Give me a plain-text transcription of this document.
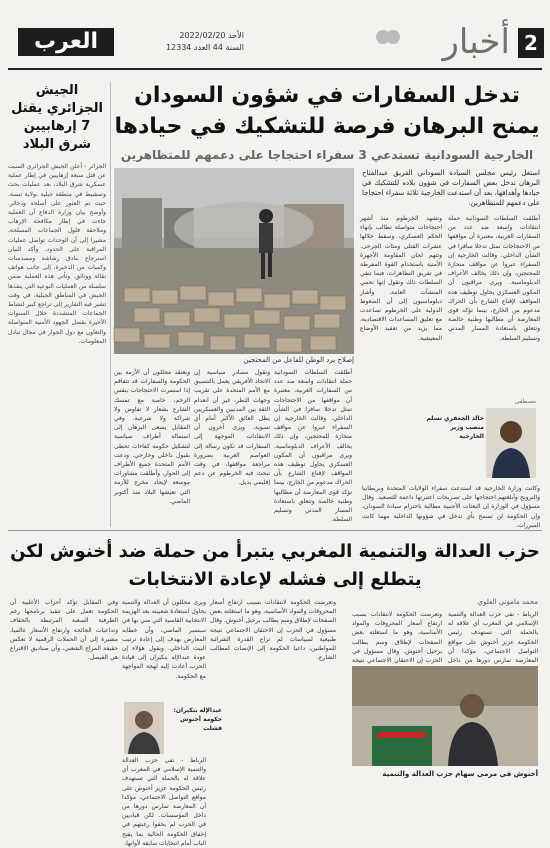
2
أخبار
الأحد 2022/02/20
السنة 44 العدد 12334
العرب
الجيش الجزائري يقتل 7 إرهابيين شرق البلاد
الجزائر - أعلن الجيش الجزائري السبت عن قتل سبعة إرهابيين في إطار عملية عسكرية شرق البلاد، بعد عمليات بحث وتمشيط في منطقة جبلية بولاية تبسة، حيث تم العثور على أسلحة وذخائر. وأوضح بيان وزارة الدفاع أن العملية جاءت في إطار مكافحة الإرهاب وملاحقة فلول الجماعات المسلحة، مشيرا إلى أن الوحدات تواصل عمليات المراقبة على الحدود. وأكد البيان استرجاع بنادق رشاشة ومسدسات وكميات من الذخيرة، إلى جانب هواتف نقالة ووثائق. وتأتي هذه العملية ضمن سلسلة من العمليات النوعية التي ينفذها الجيش في المناطق الجبلية، في وقت تشير فيه التقارير إلى تراجع كبير لنشاط الجماعات المتشددة خلال السنوات الأخيرة بفضل الجهود الأمنية المتواصلة والتعاون مع دول الجوار في مجال تبادل المعلومات.
تدخل السفارات في شؤون السودان يمنح البرهان فرصة للتشكيك في حيادها
الخارجية السودانية تستدعي 3 سفراء احتجاجا على دعمهم للمتظاهرين
استغل رئيس مجلس السيادة السوداني الفريق عبدالفتاح البرهان تدخل بعض السفارات في شؤون بلاده للتشكيك في حيادها وأهدافها، بعد أن استدعت الخارجية ثلاثة سفراء احتجاجا على دعمهم للمتظاهرين.
إصلاح يرد الوطن للفاعل من المحتجين
أطلقت السلطات السودانية حملة انتقادات واسعة ضد عدد من السفارات الغربية، معتبرة أن مواقفها من الاحتجاجات تمثل تدخلا سافرا في الشأن الداخلي. وقالت الخارجية إن السفراء عبروا عن مواقف منحازة للمحتجين، وإن ذلك يخالف الأعراف الدبلوماسية. ويرى مراقبون أن المكون العسكري يحاول توظيف هذه المواقف لإقناع الشارع بأن الحراك مدعوم من الخارج، بينما تؤكد قوى المعارضة أن مطالبها وطنية خالصة وتتعلق باستعادة المسار المدني وتسليم السلطة.
وتشهد الخرطوم منذ أشهر احتجاجات متواصلة تطالب بإنهاء الحكم العسكري، وسقط خلالها عشرات القتلى ومئات الجرحى. وتتهم لجان المقاومة الأجهزة الأمنية باستخدام القوة المفرطة في تفريق التظاهرات، فيما تنفي السلطات ذلك وتقول إنها تحمي المنشآت العامة. وأشار دبلوماسيون إلى أن الضغوط الدولية على الخرطوم تصاعدت مع تعليق المساعدات الاقتصادية، مما يزيد من تعقيد الأوضاع المعيشية.
مصطفى
خالد الجعفري تسلم منصب وزير الخارجية
وكانت وزارة الخارجية قد استدعت سفراء الولايات المتحدة وبريطانيا والنرويج وأبلغتهم احتجاجها على تصريحات اعتبرتها داعمة للتصعيد. وقال مسؤول في الوزارة إن البعثات الأجنبية مطالبة باحترام سيادة السودان، وإن الحكومة لن تسمح بأي تدخل في شؤونها الداخلية مهما كانت المبررات.
ويعتقد محللون أن الأزمة بين الحكومة والسفارات قد تتفاقم إذا استمرت الاحتجاجات بنفس الزخم، خاصة مع تمسك الشارع بشعار لا تفاوض ولا شراكة ولا شرعية. وفي المقابل يسعى البرهان إلى استمالة أطراف سياسية لتشكيل حكومة كفاءات تحظى بقبول داخلي وخارجي. ودعت الأمم المتحدة جميع الأطراف إلى الحوار، وأطلقت مشاورات موسعة لإيجاد مخرج للأزمة التي تعيشها البلاد منذ أكتوبر الماضي.
وتقول مصادر سياسية إن الاتحاد الأفريقي يعمل بالتنسيق مع الأمم المتحدة على تقريب وجهات النظر، غير أن انعدام الثقة بين المدنيين والعسكريين يظل العائق الأكبر أمام أي تسوية. ويرى آخرون أن الانتقادات الموجهة إلى السفارات قد تكون رسالة إلى العواصم الغربية بضرورة مراجعة مواقفها، في وقت تبحث فيه الخرطوم عن دعم إقليمي بديل.
أطلقت السلطات السودانية حملة انتقادات واسعة ضد عدد من السفارات الغربية، معتبرة أن مواقفها من الاحتجاجات تمثل تدخلا سافرا في الشأن الداخلي. وقالت الخارجية إن السفراء عبروا عن مواقف منحازة للمحتجين، وإن ذلك يخالف الأعراف الدبلوماسية. ويرى مراقبون أن المكون العسكري يحاول توظيف هذه المواقف لإقناع الشارع بأن الحراك مدعوم من الخارج، بينما تؤكد قوى المعارضة أن مطالبها وطنية خالصة وتتعلق باستعادة المسار المدني وتسليم السلطة.
حزب العدالة والتنمية المغربي يتبرأ من حملة ضد أخنوش لكن يتطلع إلى فشله لإعادة الانتخابات
محمد ماموني العلوي
الرباط - نفى حزب العدالة والتنمية الإسلامي في المغرب أي علاقة له بالحملة التي تستهدف رئيس الحكومة عزيز أخنوش على مواقع التواصل الاجتماعي، مؤكدا أن المعارضة تمارس دورها من داخل
وتعرضت الحكومة لانتقادات بسبب ارتفاع أسعار المحروقات والمواد الأساسية، وهو ما استغلته بعض الصفحات لإطلاق وسم يطالب برحيل أخنوش. وقال مسؤول في الحزب إن الاحتقان الاجتماعي نتيجة
وتعرضت الحكومة لانتقادات بسبب ارتفاع أسعار المحروقات والمواد الأساسية، وهو ما استغلته بعض الصفحات لإطلاق وسم يطالب برحيل أخنوش. وقال مسؤول في الحزب إن الاحتقان الاجتماعي نتيجة طبيعية لسياسات لم تراع القدرة الشرائية للمواطنين، داعيا الحكومة إلى الإنصات لمطالب الشارع.
ويرى محللون أن العدالة والتنمية يحاول استعادة شعبيته بعد الهزيمة الانتخابية القاسية التي مني بها في سبتمبر الماضي، وأن خطابه المعارض يهدف إلى إعادة ترتيب البيت الداخلي. ويقول هؤلاء إن عودة عبدالإله بنكيران إلى قيادة الحزب أعادت إليه لهجة المواجهة مع الحكومة.
وفي المقابل تؤكد أحزاب الأغلبية أن الحكومة تعمل على تنفيذ برنامجها رغم الظرفية الصعبة المرتبطة بالجفاف وتداعيات الجائحة وارتفاع الأسعار عالميا، مشيرة إلى أن الحملات الرقمية لا تعكس حقيقة المزاج الشعبي، وأن صناديق الاقتراع هي الفيصل.
عبدالإله بنكيران: حكومة أخنوش فشلت
الرباط - نفى حزب العدالة والتنمية الإسلامي في المغرب أي علاقة له بالحملة التي تستهدف رئيس الحكومة عزيز أخنوش على مواقع التواصل الاجتماعي، مؤكدا أن المعارضة تمارس دورها من داخل المؤسسات. لكن قياديين في الحزب لم يخفوا رغبتهم في إخفاق الحكومة الحالية بما يفتح الباب أمام انتخابات سابقة لأوانها.
أخنوش في مرمى سهام حزب العدالة والتنمية
